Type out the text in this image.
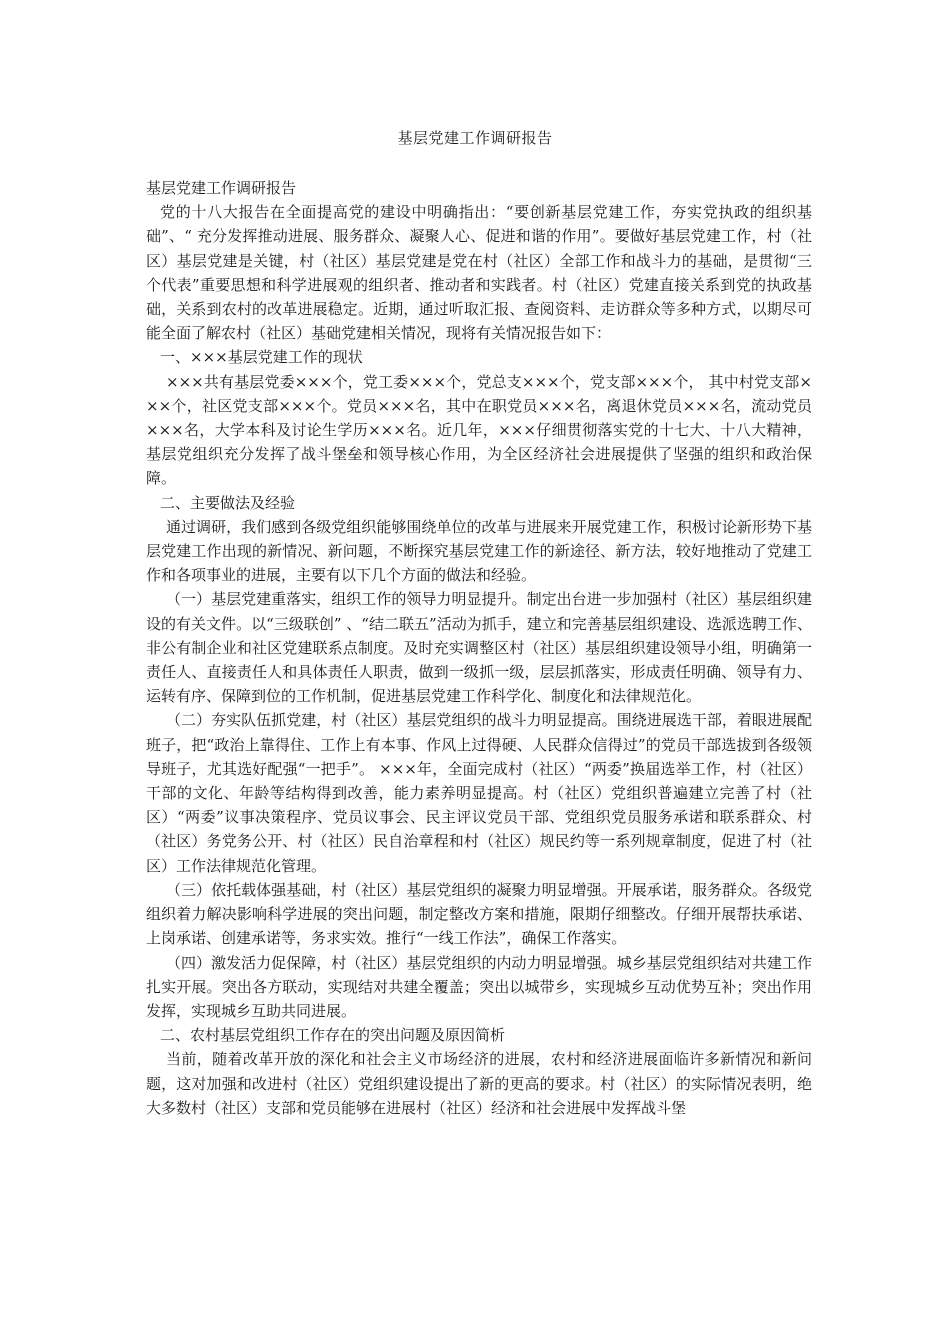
基层党建工作调研报告

基层党建工作调研报告

党的十八大报告在全面提高党的建设中明确指出：“要创新基层党建工作，夯实党执政的组织基础”、“ 充分发挥推动进展、服务群众、凝聚人心、促进和谐的作用”。要做好基层党建工作，村（社区）基层党建是关键，村（社区）基层党建是党在村（社区）全部工作和战斗力的基础，是贯彻“三个代表”重要思想和科学进展观的组织者、推动者和实践者。村（社区）党建直接关系到党的执政基础，关系到农村的改革进展稳定。近期，通过听取汇报、查阅资料、走访群众等多种方式，以期尽可能全面了解农村（社区）基础党建相关情况，现将有关情况报告如下：

一、×××基层党建工作的现状

×××共有基层党委×××个，党工委×××个，党总支×××个，党支部×××个， 其中村党支部×××个，社区党支部×××个。党员×××名，其中在职党员×××名，离退休党员×××名，流动党员×××名，大学本科及讨论生学历×××名。近几年，×××仔细贯彻落实党的十七大、十八大精神，基层党组织充分发挥了战斗堡垒和领导核心作用，为全区经济社会进展提供了坚强的组织和政治保障。

二、主要做法及经验

通过调研，我们感到各级党组织能够围绕单位的改革与进展来开展党建工作，积极讨论新形势下基层党建工作出现的新情况、新问题，不断探究基层党建工作的新途径、新方法，较好地推动了党建工作和各项事业的进展，主要有以下几个方面的做法和经验。

（一）基层党建重落实，组织工作的领导力明显提升。制定出台进一步加强村（社区）基层组织建设的有关文件。以“三级联创” 、“结二联五”活动为抓手，建立和完善基层组织建设、选派选聘工作、非公有制企业和社区党建联系点制度。及时充实调整区村（社区）基层组织建设领导小组，明确第一责任人、直接责任人和具体责任人职责，做到一级抓一级，层层抓落实，形成责任明确、领导有力、运转有序、保障到位的工作机制，促进基层党建工作科学化、制度化和法律规范化。

（二）夯实队伍抓党建，村（社区）基层党组织的战斗力明显提高。围绕进展选干部，着眼进展配班子，把“政治上靠得住、工作上有本事、作风上过得硬、人民群众信得过”的党员干部选拔到各级领导班子，尤其选好配强“一把手”。 ×××年，全面完成村（社区）“两委”换届选举工作，村（社区）干部的文化、年龄等结构得到改善，能力素养明显提高。村（社区）党组织普遍建立完善了村（社区）“两委”议事决策程序、党员议事会、民主评议党员干部、党组织党员服务承诺和联系群众、村（社区）务党务公开、村（社区）民自治章程和村（社区）规民约等一系列规章制度，促进了村（社区）工作法律规范化管理。

（三）依托载体强基础，村（社区）基层党组织的凝聚力明显增强。开展承诺，服务群众。各级党组织着力解决影响科学进展的突出问题，制定整改方案和措施，限期仔细整改。仔细开展帮扶承诺、上岗承诺、创建承诺等，务求实效。推行“一线工作法”，确保工作落实。

（四）激发活力促保障，村（社区）基层党组织的内动力明显增强。城乡基层党组织结对共建工作扎实开展。突出各方联动，实现结对共建全覆盖；突出以城带乡，实现城乡互动优势互补；突出作用发挥，实现城乡互助共同进展。

二、农村基层党组织工作存在的突出问题及原因简析

当前，随着改革开放的深化和社会主义市场经济的进展，农村和经济进展面临许多新情况和新问题，这对加强和改进村（社区）党组织建设提出了新的更高的要求。村（社区）的实际情况表明，绝大多数村（社区）支部和党员能够在进展村（社区）经济和社会进展中发挥战斗堡
